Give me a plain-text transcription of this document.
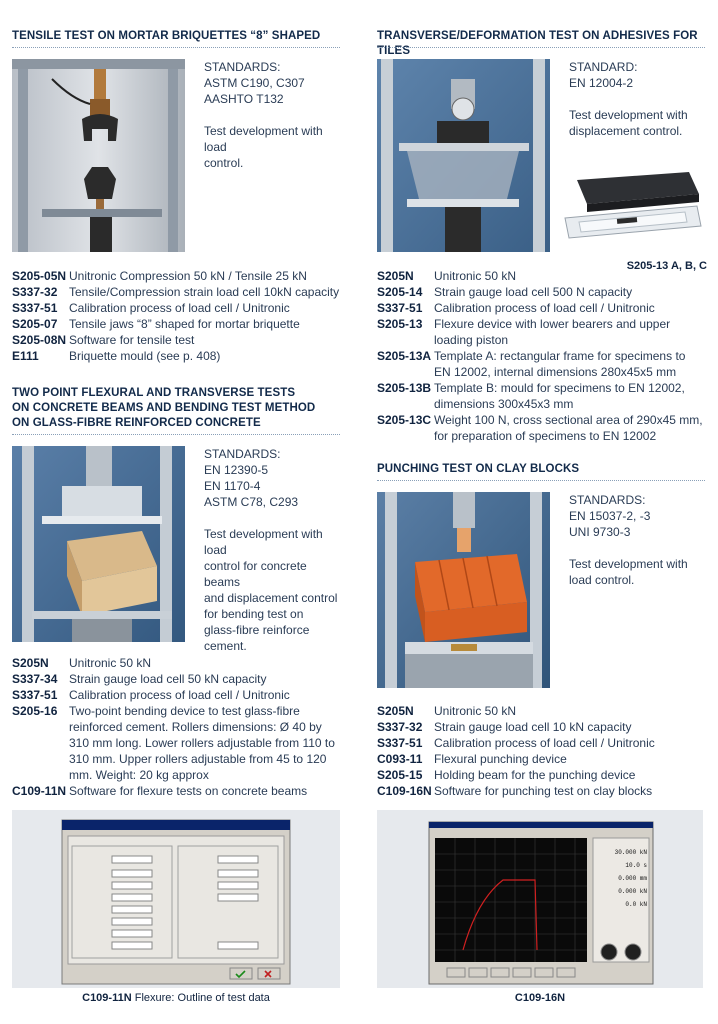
TENSILE TEST ON MORTAR BRIQUETTES “8” SHAPED
STANDARDS:
ASTM C190, C307
AASHTO T132
Test development with load
control.
S205-05N Unitronic Compression 50 kN / Tensile 25 kN
S337-32 Tensile/Compression strain load cell 10kN capacity
S337-51 Calibration process of load cell / Unitronic
S205-07 Tensile jaws “8” shaped for mortar briquette
S205-08N Software for tensile test
E111	Briquette mould (see p. 408)
TWO POINT FLEXURAL AND TRANSVERSE TESTS
ON CONCRETE BEAMS AND BENDING TEST METHOD
ON GLASS-FIBRE REINFORCED CONCRETE
STANDARDS:
EN 12390-5
EN 1170-4
ASTM C78, C293
Test development with load
control for concrete beams
and displacement control
for bending test on
glass-fibre reinforce
cement.
S205N	Unitronic 50 kN
S337-34 Strain gauge load cell 50 kN capacity
S337-51 Calibration process of load cell / Unitronic
S205-16 Two-point bending device to test glass-fibre reinforced cement. Rollers dimensions: Ø 40 by 310 mm long. Lower rollers adjustable from 110 to 310 mm. Upper rollers adjustable from 45 to 120 mm. Weight: 20 kg approx
C109-11N Software for flexure tests on concrete beams
C109-11N Flexure: Outline of test data
TRANSVERSE/DEFORMATION TEST ON ADHESIVES FOR TILES
STANDARD:
EN 12004-2
Test development with
displacement control.
S205-13 A, B, C
S205N	Unitronic 50 kN
S205-14 Strain gauge load cell 500 N capacity
S337-51 Calibration process of load cell / Unitronic
S205-13 Flexure device with lower bearers and upper loading piston
S205-13A Template A: rectangular frame for specimens to EN 12002, internal dimensions 280x45x5 mm
S205-13B Template B: mould for specimens to EN 12002, dimensions 300x45x3 mm
S205-13C Weight 100 N, cross sectional area of 290x45 mm, for preparation of specimens to EN 12002
PUNCHING TEST ON CLAY BLOCKS
STANDARDS:
EN 15037-2, -3
UNI 9730-3
Test development with
load control.
S205N	Unitronic 50 kN
S337-32 Strain gauge load cell 10 kN capacity
S337-51 Calibration process of load cell / Unitronic
C093-11 Flexural punching device
S205-15 Holding beam for the punching device
C109-16N Software for punching test on clay blocks
30.000 kN
10.0 s
0.000 mm
0.000 kN
0.0 kN
C109-16N
